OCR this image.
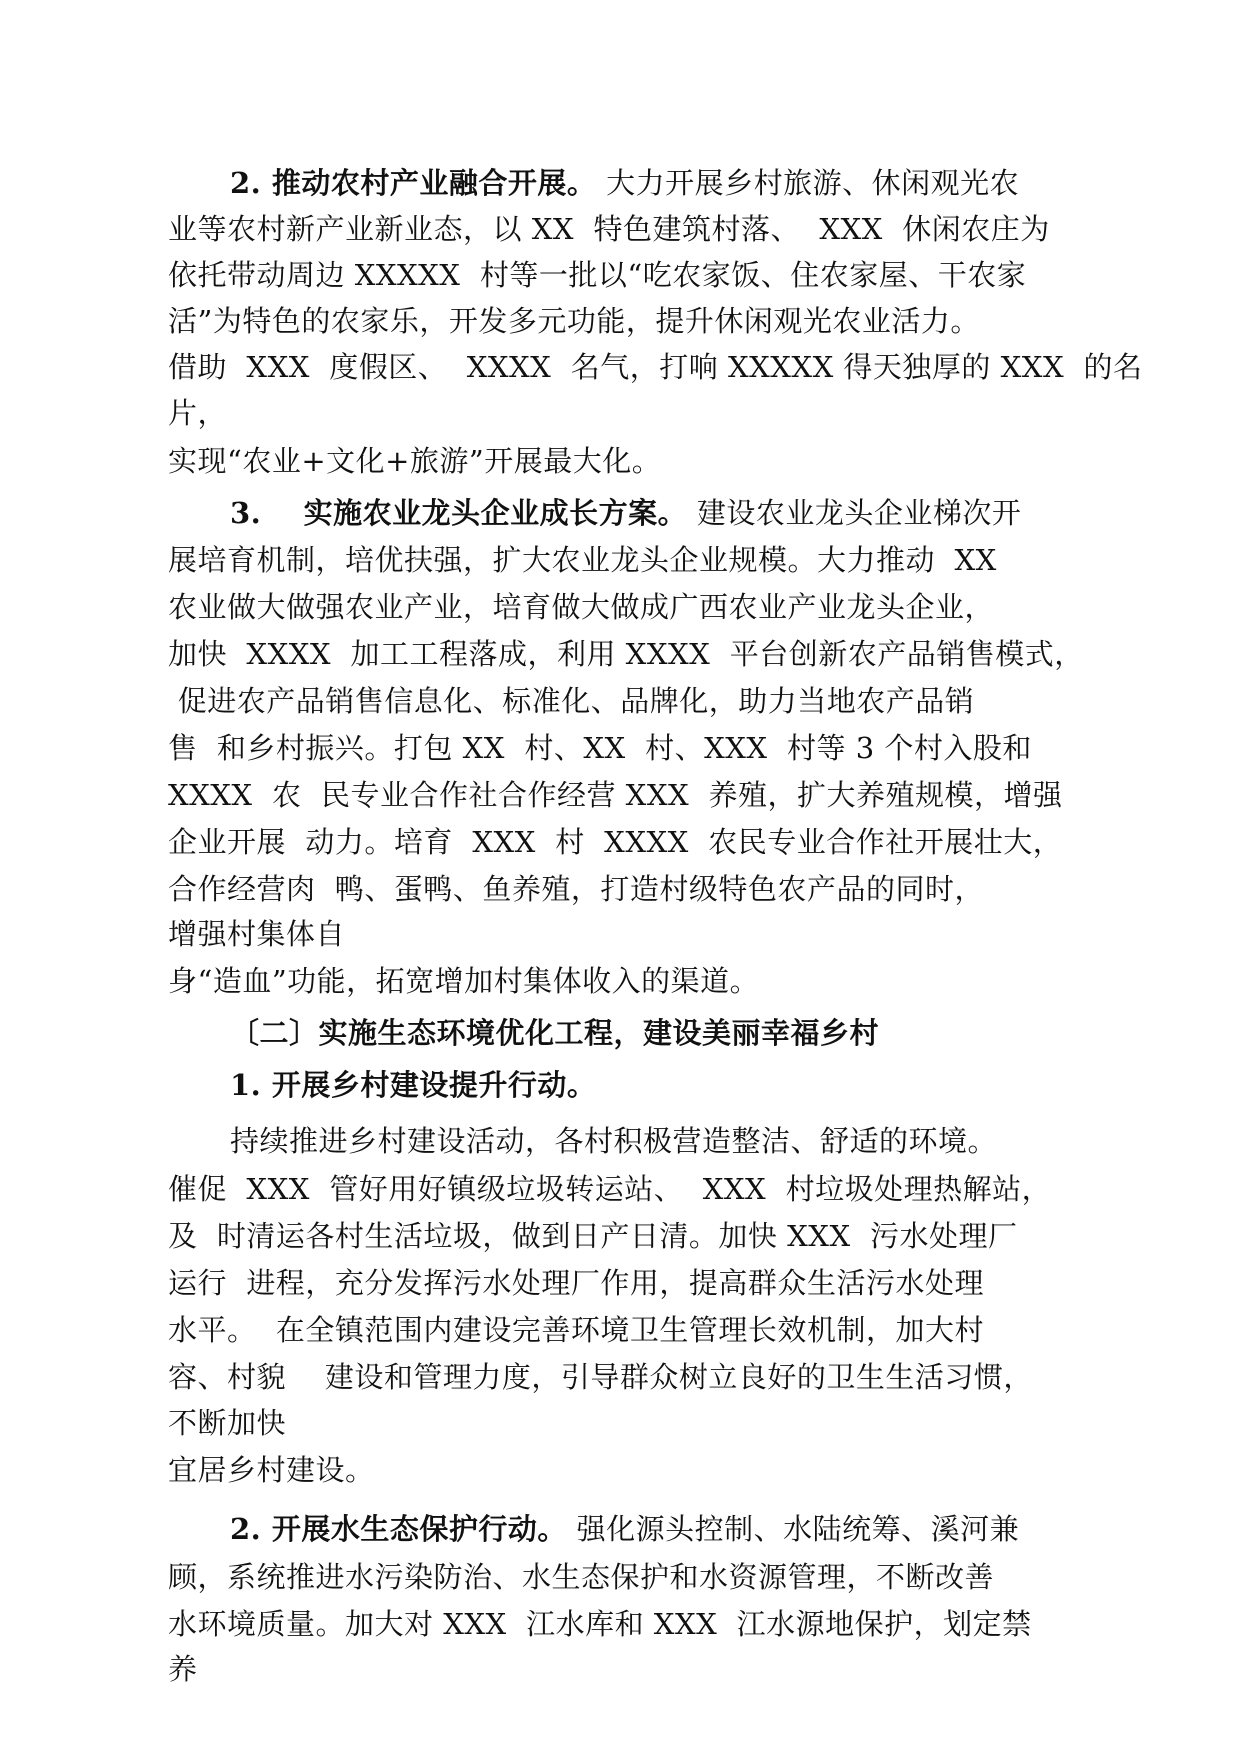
2. 推动农村产业融合开展。 大力开展乡村旅游、休闲观光农
业等农村新产业新业态，以 XX  特色建筑村落、  XXX  休闲农庄为
依托带动周边 XXXXX  村等一批以“吃农家饭、住农家屋、干农家
活”为特色的农家乐，开发多元功能，提升休闲观光农业活力。
借助  XXX  度假区、  XXXX  名气，打响 XXXXX 得天独厚的 XXX  的名
片，
实现“农业+文化+旅游”开展最大化。
3.    实施农业龙头企业成长方案。 建设农业龙头企业梯次开
展培育机制，培优扶强，扩大农业龙头企业规模。大力推动  XX
农业做大做强农业产业，培育做大做成广西农业产业龙头企业，
加快  XXXX  加工工程落成，利用 XXXX  平台创新农产品销售模式，
促进农产品销售信息化、标准化、品牌化，助力当地农产品销
售  和乡村振兴。打包 XX  村、XX  村、XXX  村等 3 个村入股和
XXXX  农  民专业合作社合作经营 XXX  养殖，扩大养殖规模，增强
企业开展  动力。培育  XXX  村  XXXX  农民专业合作社开展壮大，
合作经营肉  鸭、蛋鸭、鱼养殖，打造村级特色农产品的同时，
增强村集体自
身“造血”功能，拓宽增加村集体收入的渠道。
〔二〕实施生态环境优化工程，建设美丽幸福乡村
1. 开展乡村建设提升行动。
持续推进乡村建设活动，各村积极营造整洁、舒适的环境。
催促  XXX  管好用好镇级垃圾转运站、  XXX  村垃圾处理热解站，
及  时清运各村生活垃圾，做到日产日清。加快 XXX  污水处理厂
运行  进程，充分发挥污水处理厂作用，提高群众生活污水处理
水平。  在全镇范围内建设完善环境卫生管理长效机制，加大村
容、村貌    建设和管理力度，引导群众树立良好的卫生生活习惯，
不断加快
宜居乡村建设。
2. 开展水生态保护行动。 强化源头控制、水陆统筹、溪河兼
顾，系统推进水污染防治、水生态保护和水资源管理，不断改善
水环境质量。加大对 XXX  江水库和 XXX  江水源地保护，划定禁
养
